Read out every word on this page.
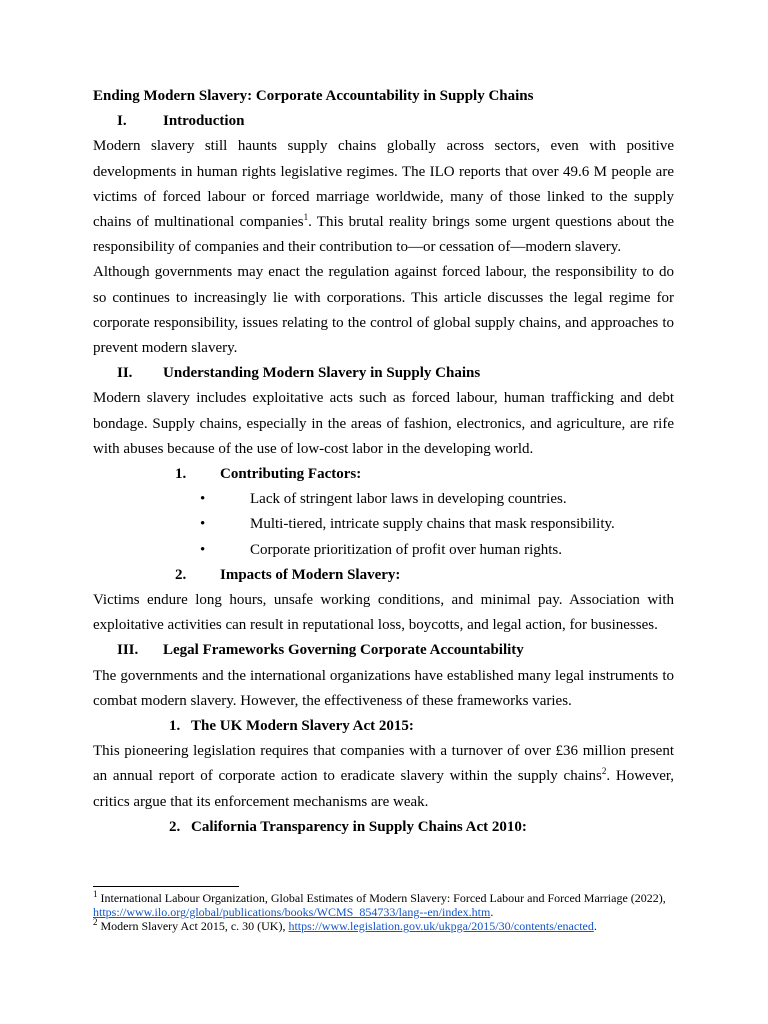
Ending Modern Slavery: Corporate Accountability in Supply Chains

I.	Introduction

Modern slavery still haunts supply chains globally across sectors, even with positive developments in human rights legislative regimes. The ILO reports that over 49.6 M people are victims of forced labour or forced marriage worldwide, many of those linked to the supply chains of multinational companies$^1$. This brutal reality brings some urgent questions about the responsibility of companies and their contribution to—or cessation of—modern slavery.

Although governments may enact the regulation against forced labour, the responsibility to do so continues to increasingly lie with corporations. This article discusses the legal regime for corporate responsibility, issues relating to the control of global supply chains, and approaches to prevent modern slavery.

II.	Understanding Modern Slavery in Supply Chains

Modern slavery includes exploitative acts such as forced labour, human trafficking and debt bondage. Supply chains, especially in the areas of fashion, electronics, and agriculture, are rife with abuses because of the use of low-cost labor in the developing world.

1.	Contributing Factors:

•	Lack of stringent labor laws in developing countries.
•	Multi-tiered, intricate supply chains that mask responsibility.
•	Corporate prioritization of profit over human rights.

2.	Impacts of Modern Slavery:

Victims endure long hours, unsafe working conditions, and minimal pay. Association with exploitative activities can result in reputational loss, boycotts, and legal action, for businesses.

III.	Legal Frameworks Governing Corporate Accountability

The governments and the international organizations have established many legal instruments to combat modern slavery. However, the effectiveness of these frameworks varies.

1. The UK Modern Slavery Act 2015:

This pioneering legislation requires that companies with a turnover of over £36 million present an annual report of corporate action to eradicate slavery within the supply chains$^2$. However, critics argue that its enforcement mechanisms are weak.

2. California Transparency in Supply Chains Act 2010:

$^1$ International Labour Organization, Global Estimates of Modern Slavery: Forced Labour and Forced Marriage (2022), https://www.ilo.org/global/publications/books/WCMS_854733/lang--en/index.htm.

$^2$ Modern Slavery Act 2015, c. 30 (UK), https://www.legislation.gov.uk/ukpga/2015/30/contents/enacted.
